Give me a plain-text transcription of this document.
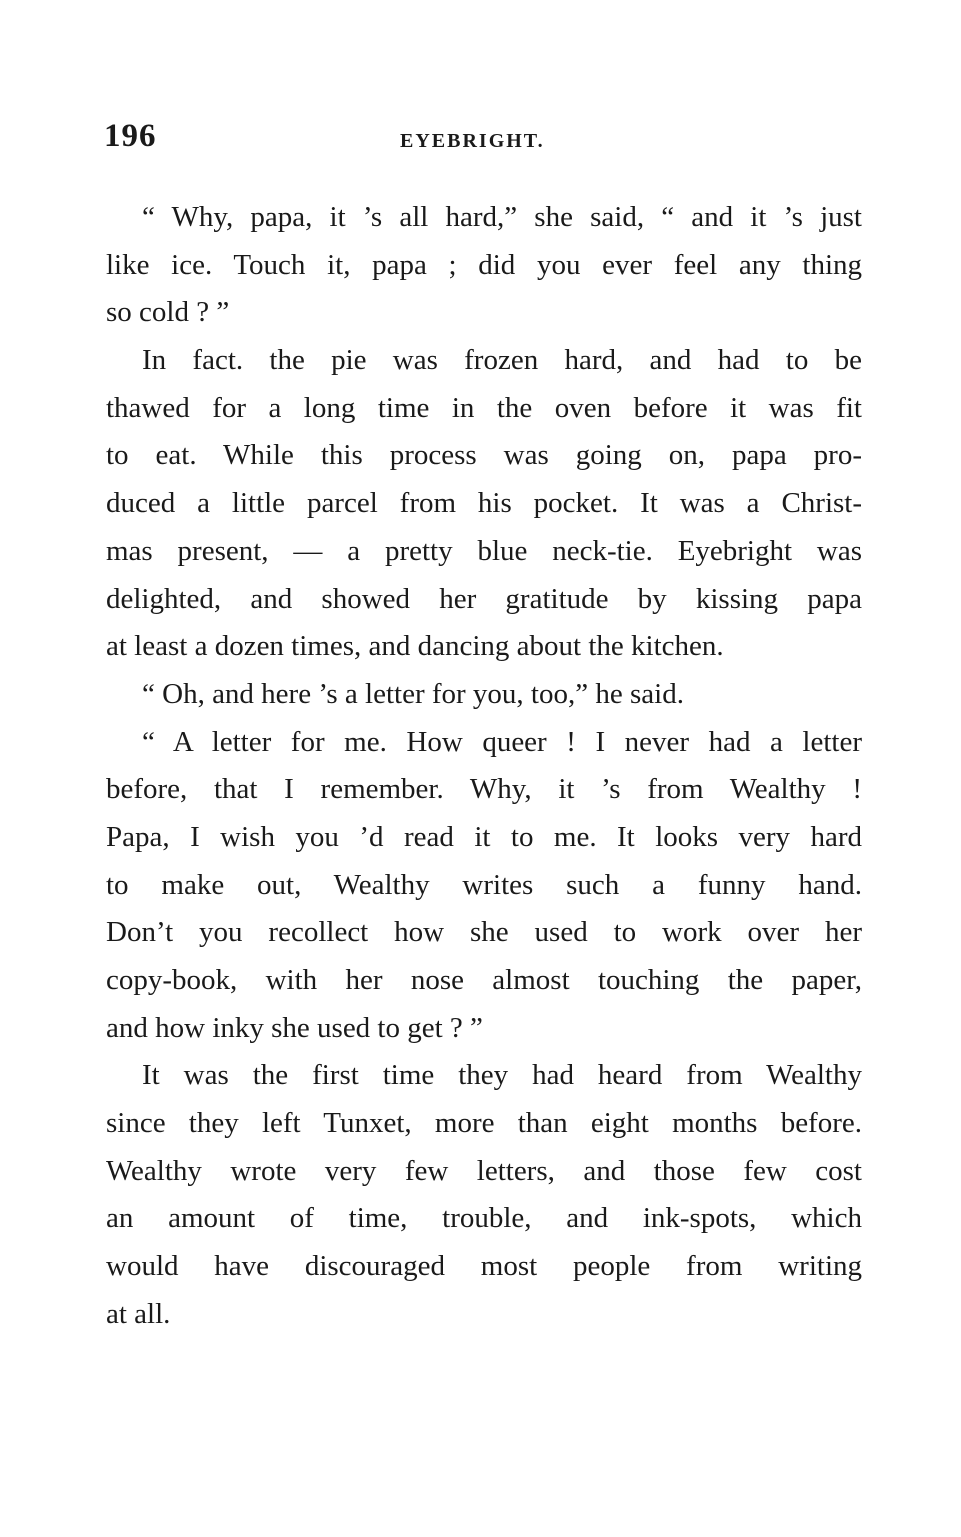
196	EYEBRIGHT.
“ Why, papa, it ’s all hard,” she said, “ and it ’s just
like ice. Touch it, papa ; did you ever feel any thing
so cold ? ”
In fact. the pie was frozen hard, and had to be
thawed for a long time in the oven before it was fit
to eat. While this process was going on, papa pro-
duced a little parcel from his pocket. It was a Christ-
mas present, — a pretty blue neck-tie. Eyebright was
delighted, and showed her gratitude by kissing papa
at least a dozen times, and dancing about the kitchen.
“ Oh, and here ’s a letter for you, too,” he said.
“ A letter for me. How queer ! I never had a letter
before, that I remember. Why, it ’s from Wealthy !
Papa, I wish you ’d read it to me. It looks very hard
to make out, Wealthy writes such a funny hand.
Don’t you recollect how she used to work over her
copy-book, with her nose almost touching the paper,
and how inky she used to get ? ”
It was the first time they had heard from Wealthy
since they left Tunxet, more than eight months before.
Wealthy wrote very few letters, and those few cost
an amount of time, trouble, and ink-spots, which
would have discouraged most people from writing
at all.
